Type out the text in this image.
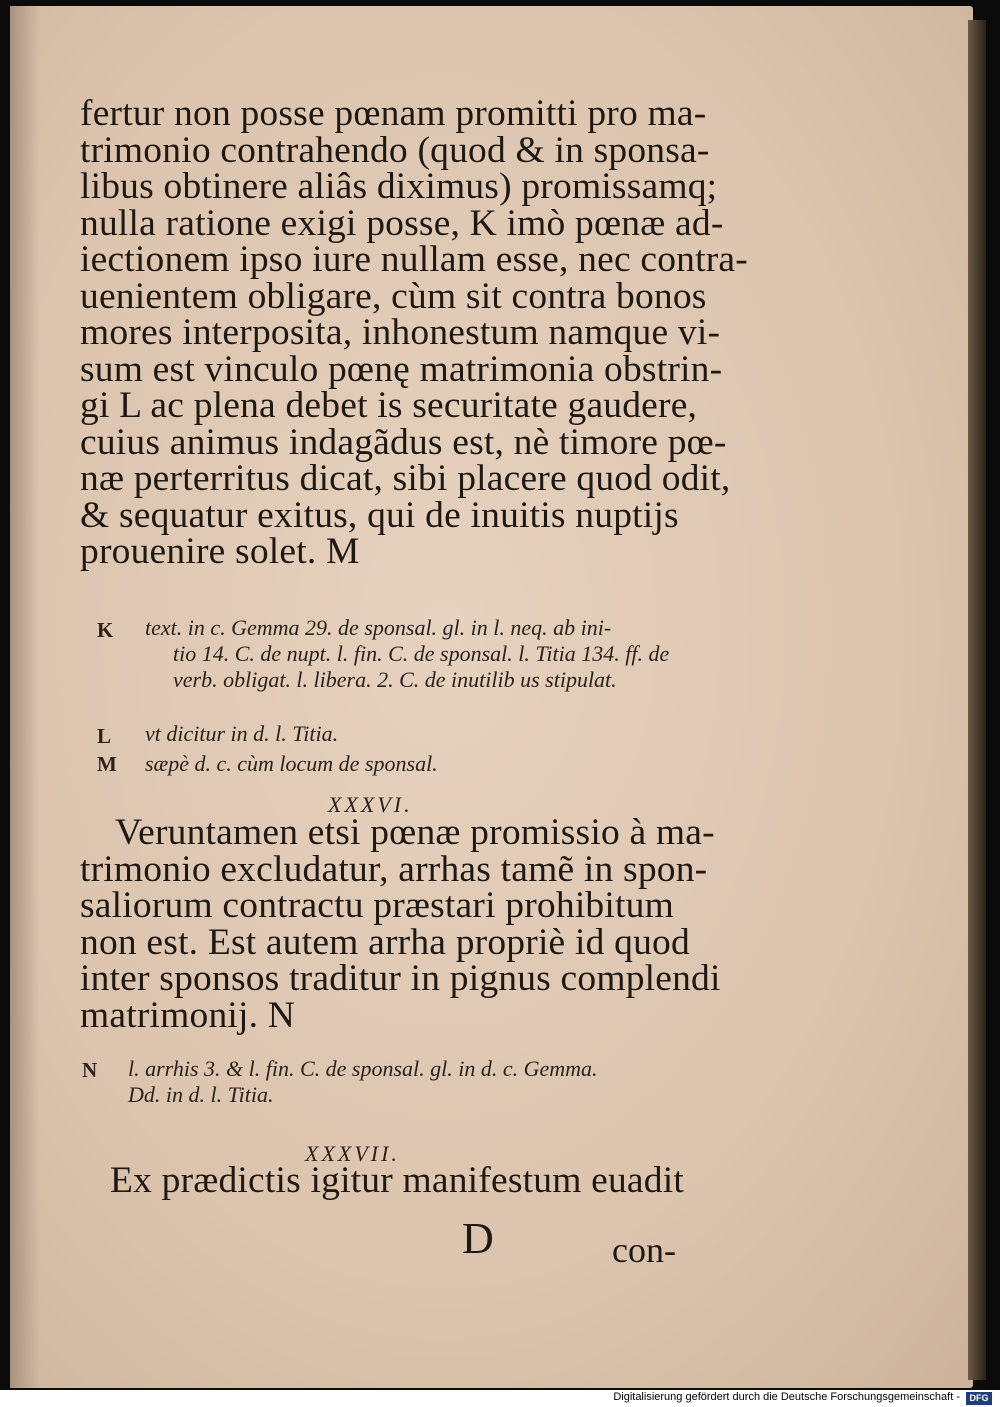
fertur non posse pœnam promitti pro ma-
trimonio contrahendo (quod & in sponsa-
libus obtinere aliâs diximus) promissamq;
nulla ratione exigi posse, K imò pœnæ ad-
iectionem ipso iure nullam esse, nec contra-
uenientem obligare, cùm sit contra bonos
mores interposita, inhonestum namque vi-
sum est vinculo pœnę matrimonia obstrin-
gi L ac plena debet is securitate gaudere,
cuius animus indagãdus est, nè timore pœ-
næ perterritus dicat, sibi placere quod odit,
& sequatur exitus, qui de inuitis nuptijs
prouenire solet. M
K text. in c. Gemma 29. de sponsal. gl. in l. neq. ab ini-
tio 14. C. de nupt. l. fin. C. de sponsal. l. Titia 134. ff. de
verb. obligat. l. libera. 2. C. de inutilib us stipulat.
L vt dicitur in d. l. Titia.
M sæpè d. c. cùm locum de sponsal.
XXXVI.
Veruntamen etsi pœnæ promissio à ma-
trimonio excludatur, arrhas tamẽ in spon-
saliorum contractu præstari prohibitum
non est. Est autem arrha propriè id quod
inter sponsos traditur in pignus complendi
matrimonij. N
N l. arrhis 3. & l. fin. C. de sponsal. gl. in d. c. Gemma.
Dd. in d. l. Titia.
XXXVII.
Ex prædictis igitur manifestum euadit
D	con-
Digitalisierung gefördert durch die Deutsche Forschungsgemeinschaft -	DFG
